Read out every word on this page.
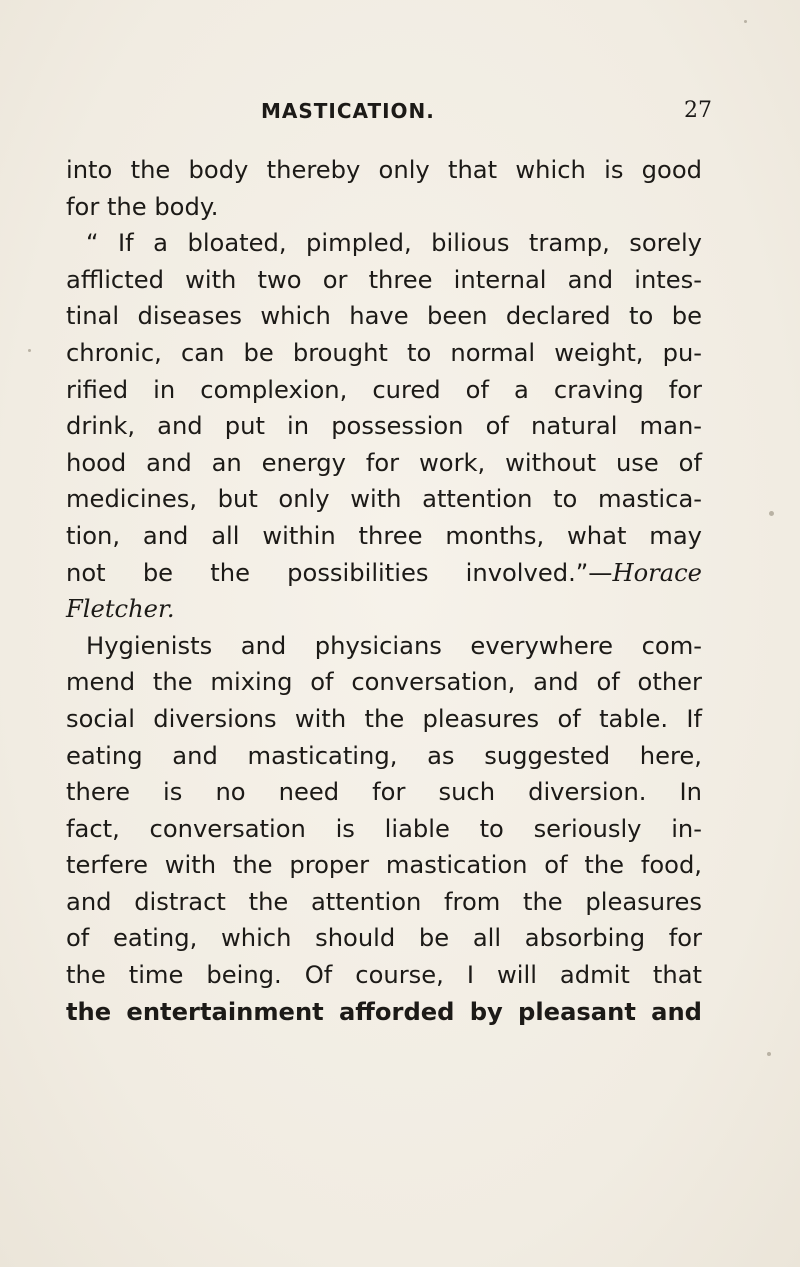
MASTICATION.	27
into the body thereby only that which is good
for the body.
“ If a bloated, pimpled, bilious tramp, sorely
afflicted with two or three internal and intes-
tinal diseases which have been declared to be
chronic, can be brought to normal weight, pu-
rified in complexion, cured of a craving for
drink, and put in possession of natural man-
hood and an energy for work, without use of
medicines, but only with attention to mastica-
tion, and all within three months, what may
not be the possibilities involved.”—Horace
Fletcher.
Hygienists and physicians everywhere com-
mend the mixing of conversation, and of other
social diversions with the pleasures of table. If
eating and masticating, as suggested here,
there is no need for such diversion. In
fact, conversation is liable to seriously in-
terfere with the proper mastication of the food,
and distract the attention from the pleasures
of eating, which should be all absorbing for
the time being. Of course, I will admit that
the entertainment afforded by pleasant and
